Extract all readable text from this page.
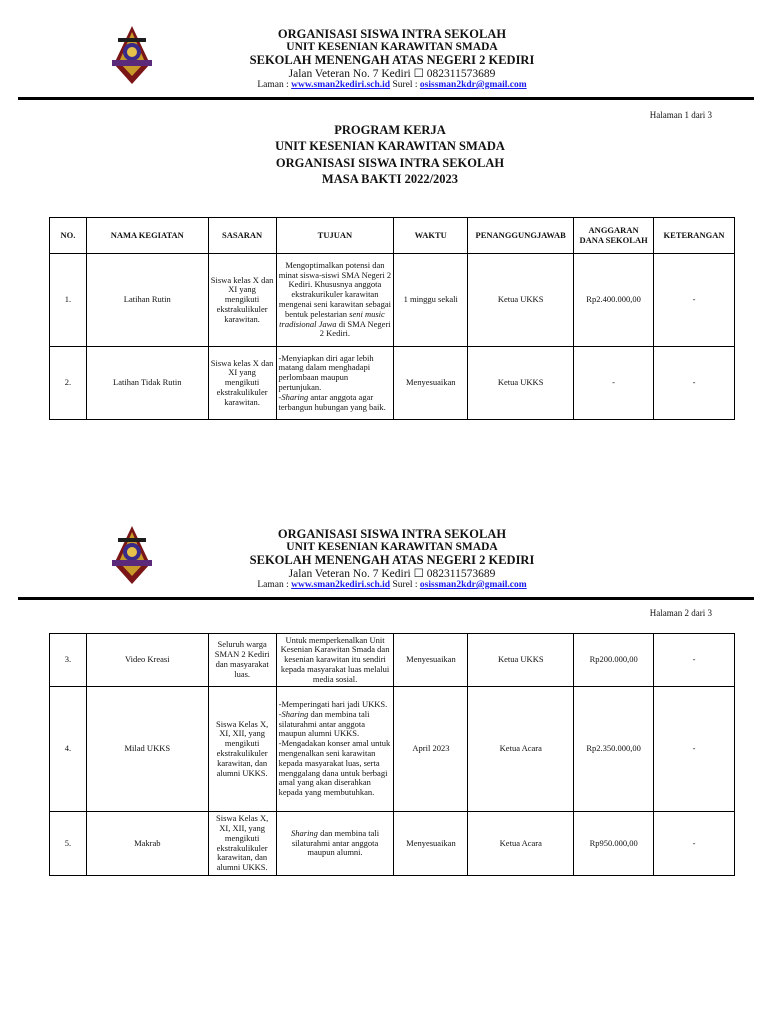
ORGANISASI SISWA INTRA SEKOLAH
UNIT KESENIAN KARAWITAN SMADA
SEKOLAH MENENGAH ATAS NEGERI 2 KEDIRI
Jalan Veteran No. 7 Kediri ☐ 082311573689
Laman : www.sman2kediri.sch.id Surel : osissman2kdr@gmail.com
Halaman 1 dari 3
PROGRAM KERJA
UNIT KESENIAN KARAWITAN SMADA
ORGANISASI SISWA INTRA SEKOLAH
MASA BAKTI 2022/2023
NO.	NAMA KEGIATAN	SASARAN	TUJUAN	WAKTU	PENANGGUNGJAWAB	ANGGARAN DANA SEKOLAH	KETERANGAN
1.	Latihan Rutin	Siswa kelas X dan XI yang mengikuti ekstrakulikuler karawitan.	Mengoptimalkan potensi dan minat siswa-siswi SMA Negeri 2 Kediri. Khususnya anggota ekstrakurikuler karawitan mengenai seni karawitan sebagai bentuk pelestarian seni music tradisional Jawa di SMA Negeri 2 Kediri.	1 minggu sekali	Ketua UKKS	Rp2.400.000,00	-
2.	Latihan Tidak Rutin	Siswa kelas X dan XI yang mengikuti ekstrakulikuler karawitan.	-Menyiapkan diri agar lebih matang dalam menghadapi perlombaan maupun pertunjukan.
-Sharing antar anggota agar terbangun hubungan yang baik.	Menyesuaikan	Ketua UKKS	-	-
ORGANISASI SISWA INTRA SEKOLAH
UNIT KESENIAN KARAWITAN SMADA
SEKOLAH MENENGAH ATAS NEGERI 2 KEDIRI
Jalan Veteran No. 7 Kediri ☐ 082311573689
Laman : www.sman2kediri.sch.id Surel : osissman2kdr@gmail.com
Halaman 2 dari 3
3.	Video Kreasi	Seluruh warga SMAN 2 Kediri dan masyarakat luas.	Untuk memperkenalkan Unit Kesenian Karawitan Smada dan kesenian karawitan itu sendiri kepada masyarakat luas melalui media sosial.	Menyesuaikan	Ketua UKKS	Rp200.000,00	-
4.	Milad UKKS	Siswa Kelas X, XI, XII, yang mengikuti ekstrakulikuler karawitan, dan alumni UKKS.	-Memperingati hari jadi UKKS.
-Sharing dan membina tali silaturahmi antar anggota maupun alumni UKKS.
-Mengadakan konser amal untuk mengenalkan seni karawitan kepada masyarakat luas, serta menggalang dana untuk berbagi amal yang akan diserahkan kepada yang membutuhkan.	April 2023	Ketua Acara	Rp2.350.000,00	-
5.	Makrab	Siswa Kelas X, XI, XII, yang mengikuti ekstrakulikuler karawitan, dan alumni UKKS.	Sharing dan membina tali silaturahmi antar anggota maupun alumni.	Menyesuaikan	Ketua Acara	Rp950.000,00	-
